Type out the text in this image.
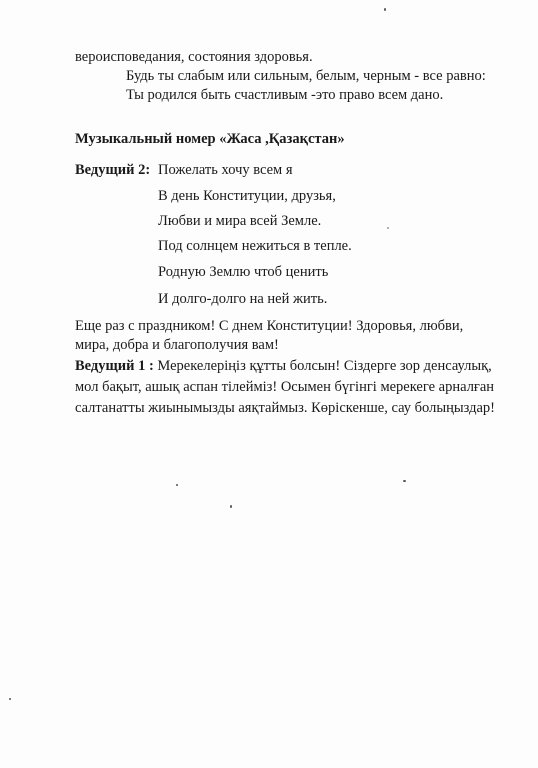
вероисповедания, состояния здоровья.
Будь ты слабым или сильным, белым, черным - все равно:
Ты родился быть счастливым -это право всем дано.
Музыкальный номер «Жаса ,Қазақстан»
Ведущий 2: Пожелать хочу всем я
В день Конституции, друзья,
Любви и мира всей Земле.
Под солнцем нежиться в тепле.
Родную Землю чтоб ценить
И долго-долго на ней жить.
Еще раз с праздником! С днем Конституции! Здоровья, любви,
мира, добра и благополучия вам!
Ведущий 1 : Мерекелеріңіз құтты болсын! Сіздерге зор денсаулық,
мол бақыт, ашық аспан тілейміз! Осымен бүгінгі мерекеге арналған
салтанатты жиынымызды аяқтаймыз. Көріскенше, сау болыңыздар!
